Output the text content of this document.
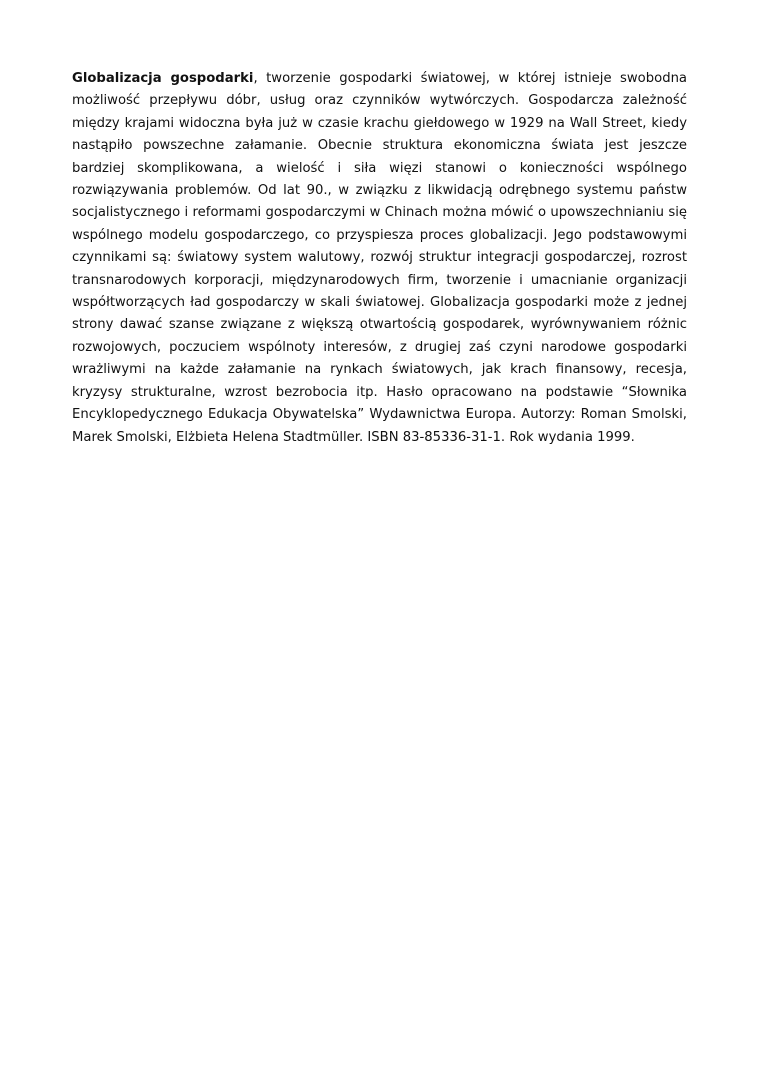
Globalizacja gospodarki, tworzenie gospodarki światowej, w której istnieje swobodna możliwość przepływu dóbr, usług oraz czynników wytwórczych. Gospodarcza zależność między krajami widoczna była już w czasie krachu giełdowego w 1929 na Wall Street, kiedy nastąpiło powszechne załamanie. Obecnie struktura ekonomiczna świata jest jeszcze bardziej skomplikowana, a wielość i siła więzi stanowi o konieczności wspólnego rozwiązywania problemów. Od lat 90., w związku z likwidacją odrębnego systemu państw socjalistycznego i reformami gospodarczymi w Chinach można mówić o upowszechnianiu się wspólnego modelu gospodarczego, co przyspiesza proces globalizacji. Jego podstawowymi czynnikami są: światowy system walutowy, rozwój struktur integracji gospodarczej, rozrost transnarodowych korporacji, międzynarodowych firm, tworzenie i umacnianie organizacji współtworzących ład gospodarczy w skali światowej. Globalizacja gospodarki może z jednej strony dawać szanse związane z większą otwartością gospodarek, wyrównywaniem różnic rozwojowych, poczuciem wspólnoty interesów, z drugiej zaś czyni narodowe gospodarki wrażliwymi na każde załamanie na rynkach światowych, jak krach finansowy, recesja, kryzysy strukturalne, wzrost bezrobocia itp. Hasło opracowano na podstawie “Słownika Encyklopedycznego Edukacja Obywatelska” Wydawnictwa Europa. Autorzy: Roman Smolski, Marek Smolski, Elżbieta Helena Stadtmüller. ISBN 83-85336-31-1. Rok wydania 1999.
